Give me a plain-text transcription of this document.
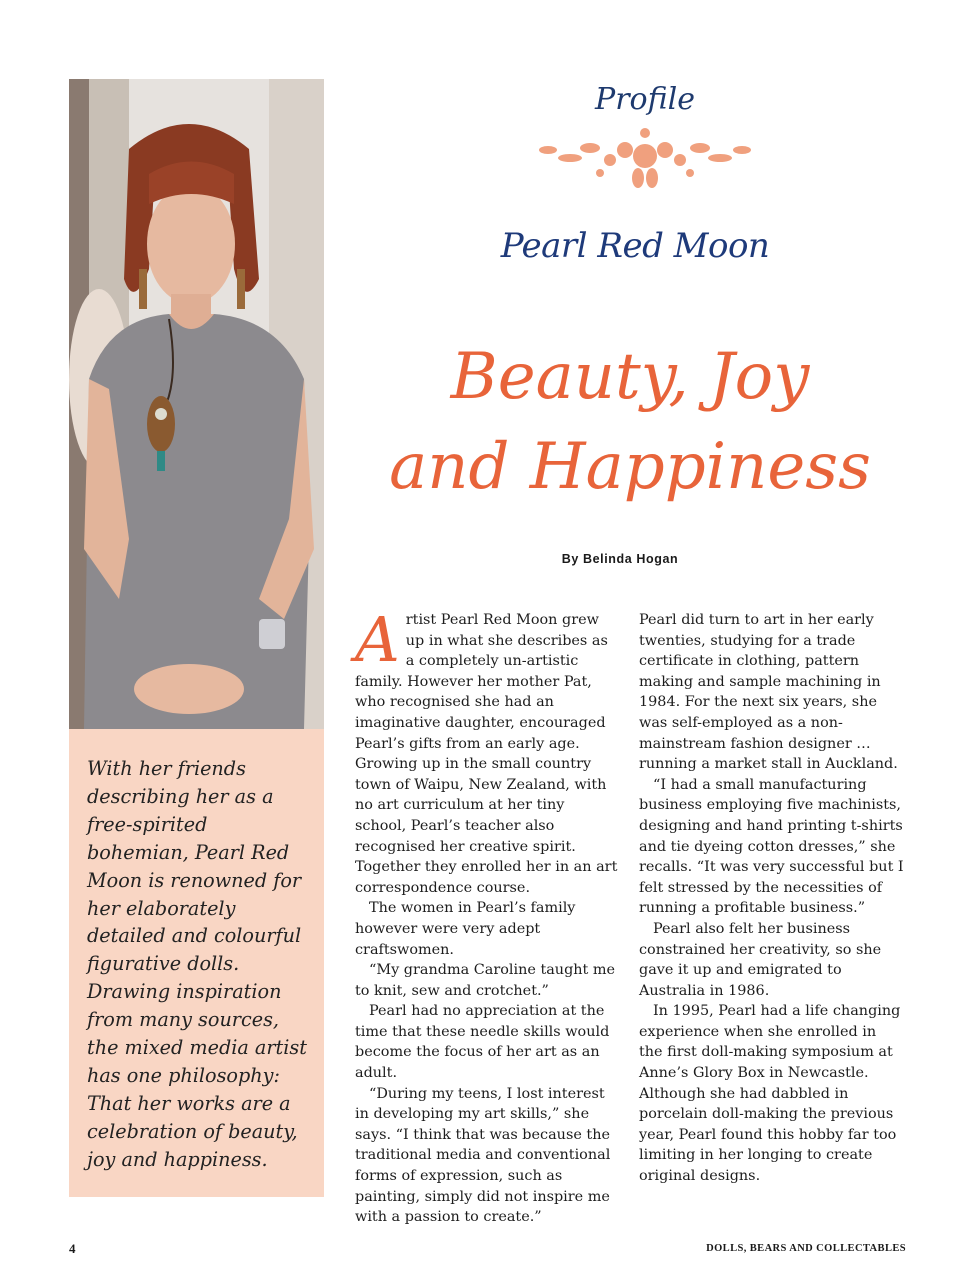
With her friends describing her as a free-spirited bohemian, Pearl Red Moon is renowned for her elaborately detailed and colourful figurative dolls. Drawing inspiration from many sources, the mixed media artist has one philosophy: That her works are a celebration of beauty, joy and happiness.

Profile
Pearl Red Moon
Beauty, Joy
and Happiness
By Belinda Hogan

Artist Pearl Red Moon grew up in what she describes as a completely un-artistic family. However her mother Pat, who recognised she had an imaginative daughter, encouraged Pearl’s gifts from an early age. Growing up in the small country town of Waipu, New Zealand, with no art curriculum at her tiny school, Pearl’s teacher also recognised her creative spirit. Together they enrolled her in an art correspondence course.

The women in Pearl’s family however were very adept craftswomen.

“My grandma Caroline taught me to knit, sew and crotchet.”

Pearl had no appreciation at the time that these needle skills would become the focus of her art as an adult.

“During my teens, I lost interest in developing my art skills,” she says. “I think that was because the traditional media and conventional forms of expression, such as painting, simply did not inspire me with a passion to create.”

Pearl did turn to art in her early twenties, studying for a trade certificate in clothing, pattern making and sample machining in 1984. For the next six years, she was self-employed as a non-mainstream fashion designer … running a market stall in Auckland.

“I had a small manufacturing business employing five machinists, designing and hand printing t-shirts and tie dyeing cotton dresses,” she recalls. “It was very successful but I felt stressed by the necessities of running a profitable business.”

Pearl also felt her business constrained her creativity, so she gave it up and emigrated to Australia in 1986.

In 1995, Pearl had a life changing experience when she enrolled in the first doll-making symposium at Anne’s Glory Box in Newcastle. Although she had dabbled in porcelain doll-making the previous year, Pearl found this hobby far too limiting in her longing to create original designs.

4	DOLLS, BEARS AND COLLECTABLES
